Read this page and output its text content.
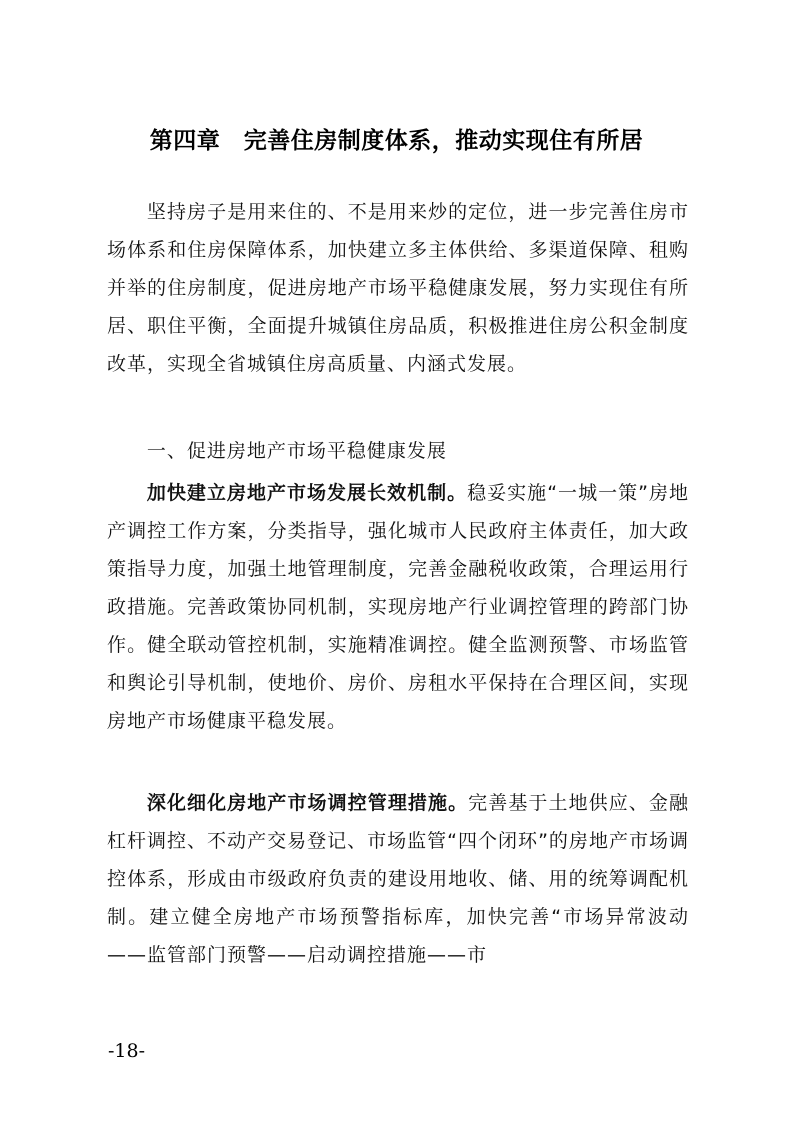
第四章　完善住房制度体系，推动实现住有所居
坚持房子是用来住的、不是用来炒的定位，进一步完善住房市场体系和住房保障体系，加快建立多主体供给、多渠道保障、租购并举的住房制度，促进房地产市场平稳健康发展，努力实现住有所居、职住平衡，全面提升城镇住房品质，积极推进住房公积金制度改革，实现全省城镇住房高质量、内涵式发展。
一、促进房地产市场平稳健康发展
加快建立房地产市场发展长效机制。稳妥实施“一城一策”房地产调控工作方案，分类指导，强化城市人民政府主体责任，加大政策指导力度，加强土地管理制度，完善金融税收政策，合理运用行政措施。完善政策协同机制，实现房地产行业调控管理的跨部门协作。健全联动管控机制，实施精准调控。健全监测预警、市场监管和舆论引导机制，使地价、房价、房租水平保持在合理区间，实现房地产市场健康平稳发展。
深化细化房地产市场调控管理措施。完善基于土地供应、金融杠杆调控、不动产交易登记、市场监管“四个闭环”的房地产市场调控体系，形成由市级政府负责的建设用地收、储、用的统筹调配机制。建立健全房地产市场预警指标库，加快完善“市场异常波动——监管部门预警——启动调控措施——市
-18-
